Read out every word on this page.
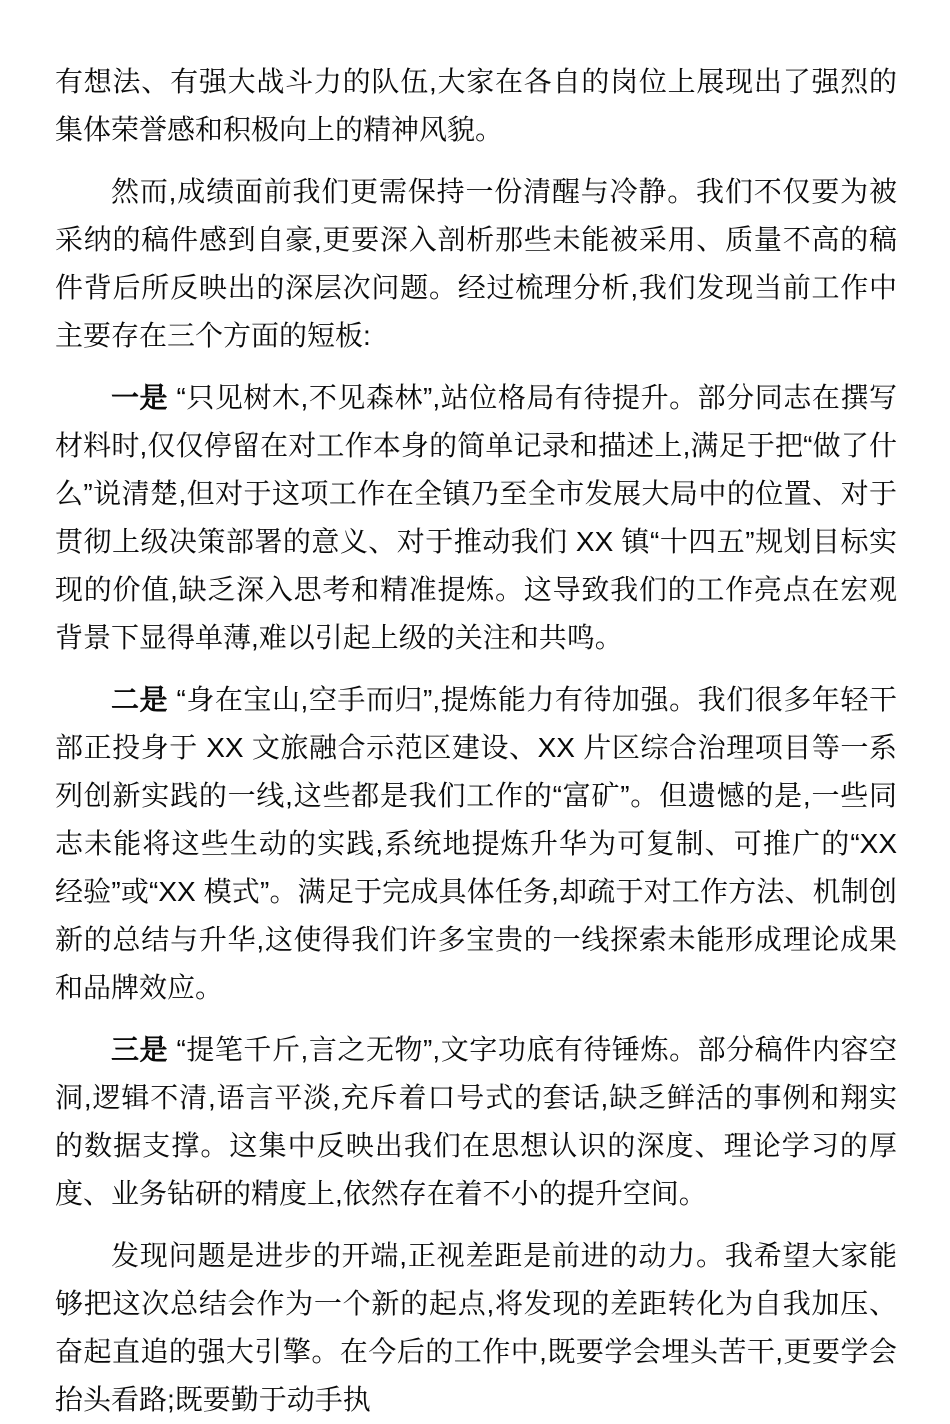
有想法、有强大战斗力的队伍,大家在各自的岗位上展现出了强烈的集体荣誉感和积极向上的精神风貌。

然而,成绩面前我们更需保持一份清醒与冷静。我们不仅要为被采纳的稿件感到自豪,更要深入剖析那些未能被采用、质量不高的稿件背后所反映出的深层次问题。经过梳理分析,我们发现当前工作中主要存在三个方面的短板:

一是 “只见树木,不见森林”,站位格局有待提升。部分同志在撰写材料时,仅仅停留在对工作本身的简单记录和描述上,满足于把“做了什么”说清楚,但对于这项工作在全镇乃至全市发展大局中的位置、对于贯彻上级决策部署的意义、对于推动我们 XX 镇“十四五”规划目标实现的价值,缺乏深入思考和精准提炼。这导致我们的工作亮点在宏观背景下显得单薄,难以引起上级的关注和共鸣。

二是 “身在宝山,空手而归”,提炼能力有待加强。我们很多年轻干部正投身于 XX 文旅融合示范区建设、XX 片区综合治理项目等一系列创新实践的一线,这些都是我们工作的“富矿”。但遗憾的是,一些同志未能将这些生动的实践,系统地提炼升华为可复制、可推广的“XX 经验”或“XX 模式”。满足于完成具体任务,却疏于对工作方法、机制创新的总结与升华,这使得我们许多宝贵的一线探索未能形成理论成果和品牌效应。

三是 “提笔千斤,言之无物”,文字功底有待锤炼。部分稿件内容空洞,逻辑不清,语言平淡,充斥着口号式的套话,缺乏鲜活的事例和翔实的数据支撑。这集中反映出我们在思想认识的深度、理论学习的厚度、业务钻研的精度上,依然存在着不小的提升空间。

发现问题是进步的开端,正视差距是前进的动力。我希望大家能够把这次总结会作为一个新的起点,将发现的差距转化为自我加压、奋起直追的强大引擎。在今后的工作中,既要学会埋头苦干,更要学会抬头看路;既要勤于动手执
